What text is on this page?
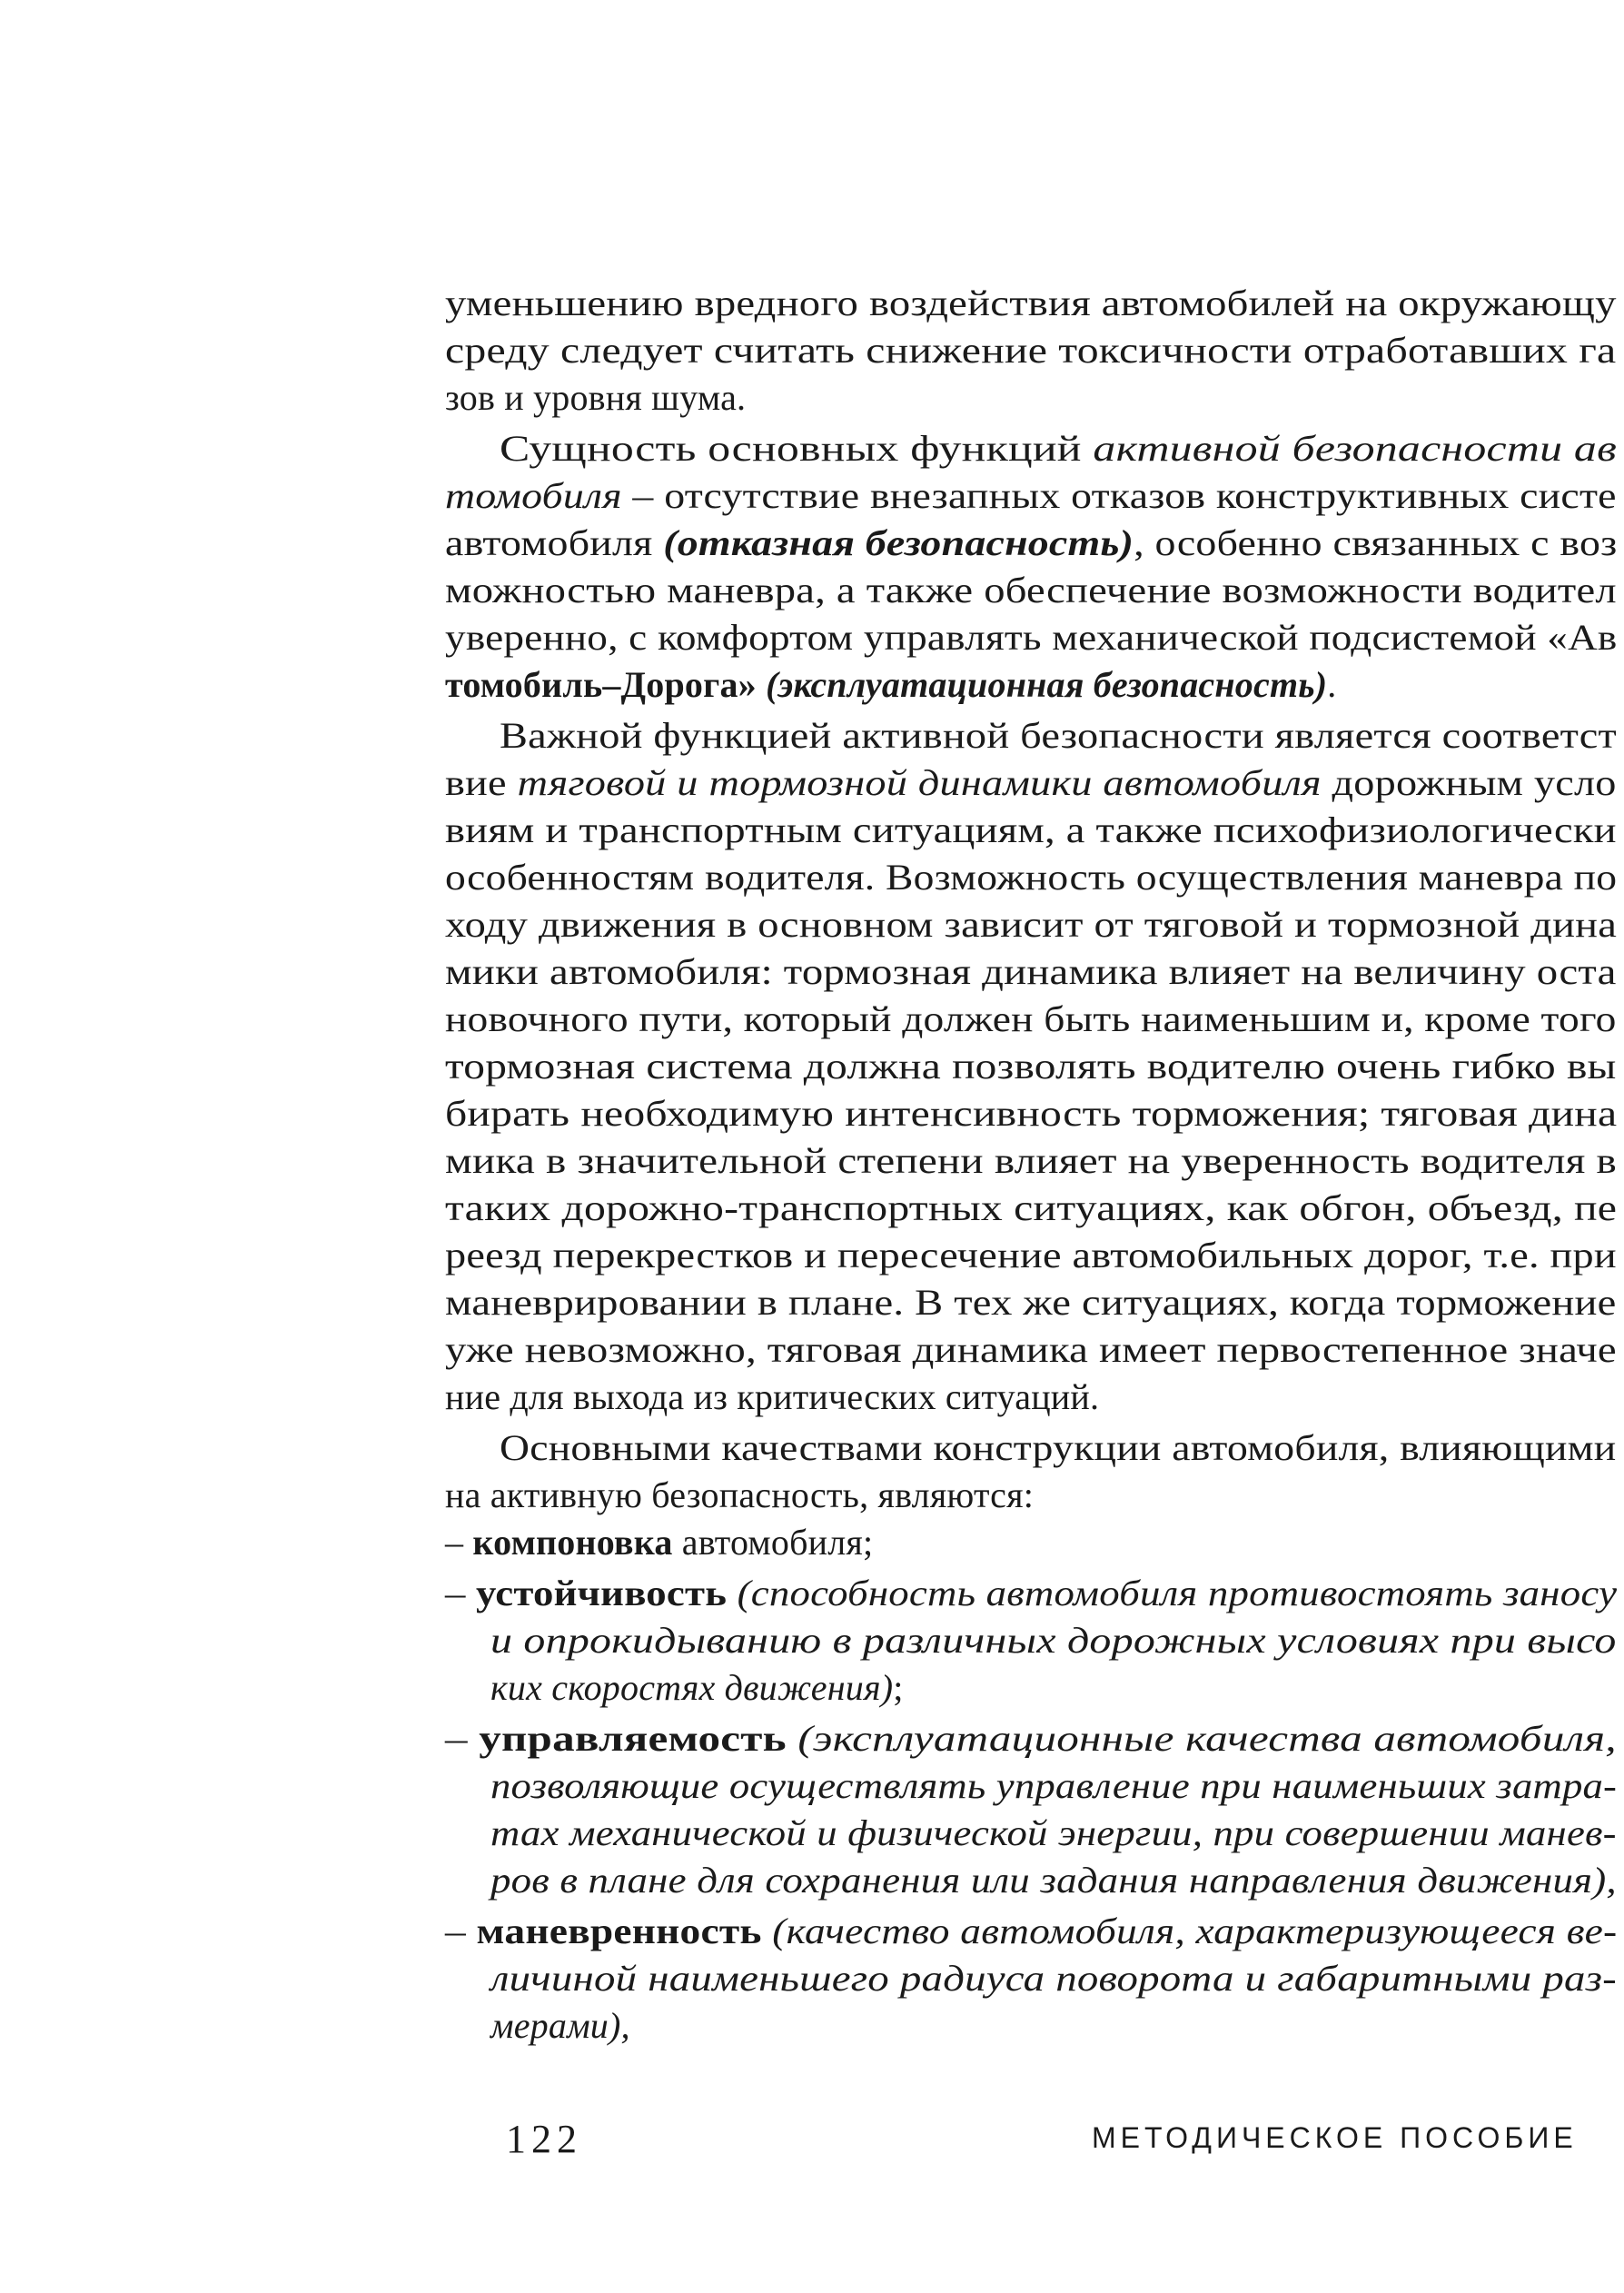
уменьшению вредного воздействия автомобилей на окружающу
среду следует считать снижение токсичности отработавших га
зов и уровня шума.
Сущность основных функций активной безопасности ав
томобиля – отсутствие внезапных отказов конструктивных систе
автомобиля (отказная безопасность), особенно связанных с воз
можностью маневра, а также обеспечение возможности водител
уверенно, с комфортом управлять механической подсистемой «Ав
томобиль–Дорога» (эксплуатационная безопасность).
Важной функцией активной безопасности является соответст
вие тяговой и тормозной динамики автомобиля дорожным усло
виям и транспортным ситуациям, а также психофизиологически
особенностям водителя. Возможность осуществления маневра по
ходу движения в основном зависит от тяговой и тормозной дина
мики автомобиля: тормозная динамика влияет на величину оста
новочного пути, который должен быть наименьшим и, кроме того
тормозная система должна позволять водителю очень гибко вы
бирать необходимую интенсивность торможения; тяговая дина
мика в значительной степени влияет на уверенность водителя в
таких дорожно-транспортных ситуациях, как обгон, объезд, пе
реезд перекрестков и пересечение автомобильных дорог, т.е. при
маневрировании в плане. В тех же ситуациях, когда торможение
уже невозможно, тяговая динамика имеет первостепенное значе
ние для выхода из критических ситуаций.
Основными качествами конструкции автомобиля, влияющими
на активную безопасность, являются:
– компоновка автомобиля;
– устойчивость (способность автомобиля противостоять заносу
и опрокидыванию в различных дорожных условиях при высо
ких скоростях движения);
– управляемость (эксплуатационные качества автомобиля,
позволяющие осуществлять управление при наименьших затра-
тах механической и физической энергии, при совершении манев-
ров в плане для сохранения или задания направления движения),
– маневренность (качество автомобиля, характеризующееся ве-
личиной наименьшего радиуса поворота и габаритными раз-
мерами),
122	МЕТОДИЧЕСКОЕ ПОСОБИЕ
